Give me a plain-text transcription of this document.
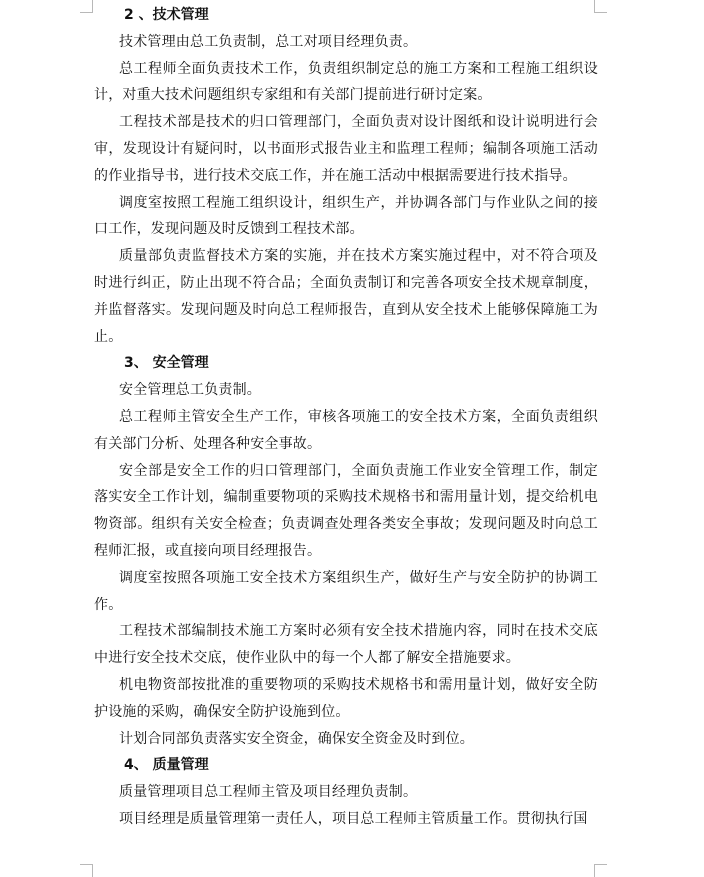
2 、技术管理

技术管理由总工负责制，总工对项目经理负责。

总工程师全面负责技术工作，负责组织制定总的施工方案和工程施工组织设计，对重大技术问题组织专家组和有关部门提前进行研讨定案。

工程技术部是技术的归口管理部门，全面负责对设计图纸和设计说明进行会审，发现设计有疑问时，以书面形式报告业主和监理工程师；编制各项施工活动的作业指导书，进行技术交底工作，并在施工活动中根据需要进行技术指导。

调度室按照工程施工组织设计，组织生产，并协调各部门与作业队之间的接口工作，发现问题及时反馈到工程技术部。

质量部负责监督技术方案的实施，并在技术方案实施过程中，对不符合项及时进行纠正，防止出现不符合品；全面负责制订和完善各项安全技术规章制度，并监督落实。发现问题及时向总工程师报告，直到从安全技术上能够保障施工为止。

3、 安全管理

安全管理总工负责制。

总工程师主管安全生产工作，审核各项施工的安全技术方案，全面负责组织有关部门分析、处理各种安全事故。

安全部是安全工作的归口管理部门，全面负责施工作业安全管理工作，制定落实安全工作计划，编制重要物项的采购技术规格书和需用量计划，提交给机电物资部。组织有关安全检查；负责调查处理各类安全事故；发现问题及时向总工程师汇报，或直接向项目经理报告。

调度室按照各项施工安全技术方案组织生产，做好生产与安全防护的协调工作。

工程技术部编制技术施工方案时必须有安全技术措施内容，同时在技术交底中进行安全技术交底，使作业队中的每一个人都了解安全措施要求。

机电物资部按批准的重要物项的采购技术规格书和需用量计划，做好安全防护设施的采购，确保安全防护设施到位。

计划合同部负责落实安全资金，确保安全资金及时到位。

4、 质量管理

质量管理项目总工程师主管及项目经理负责制。

项目经理是质量管理第一责任人，项目总工程师主管质量工作。贯彻执行国
